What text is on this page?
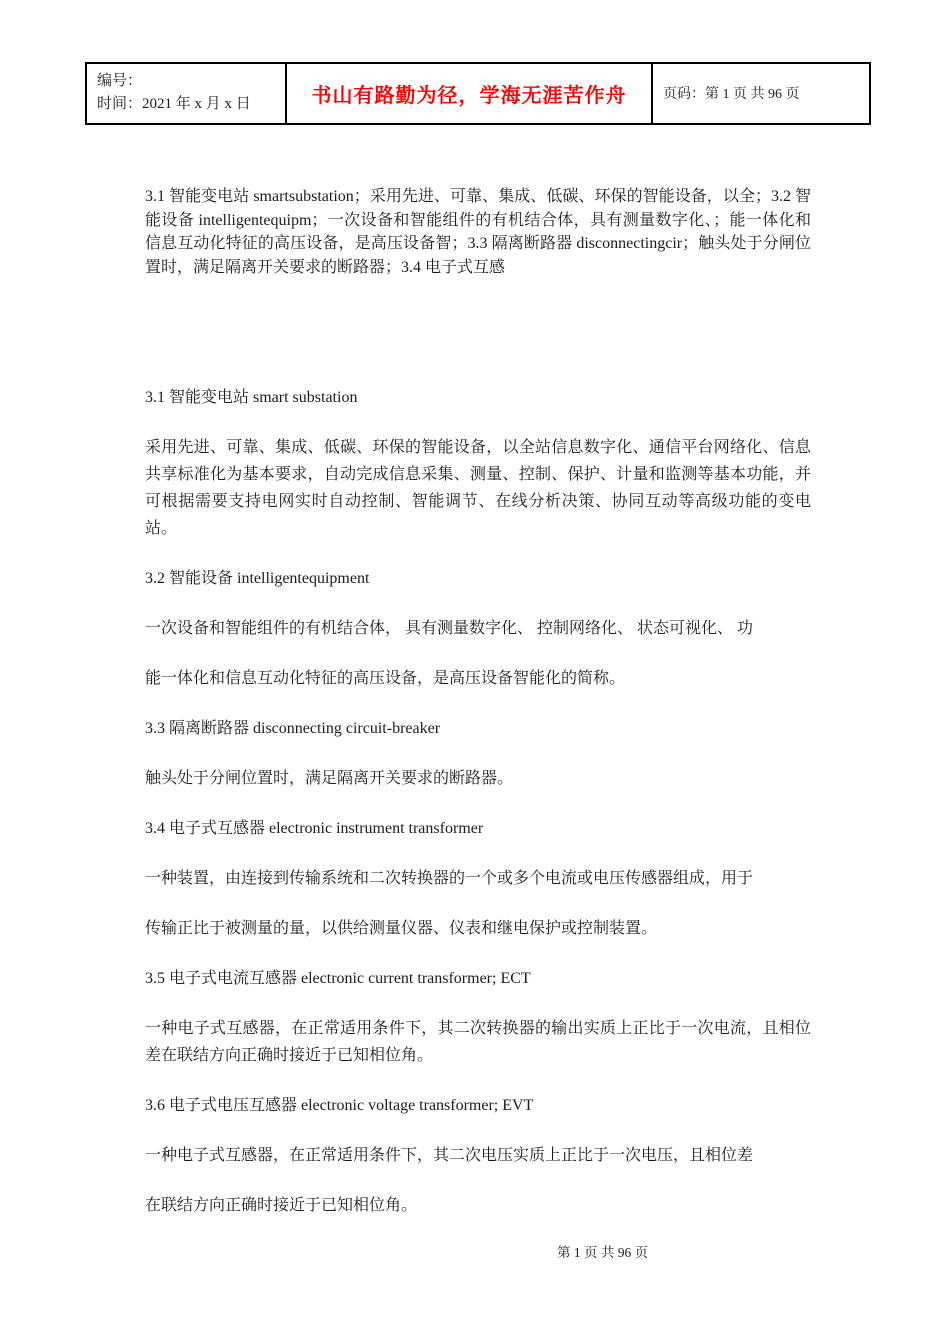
编号：
时间：2021 年 x 月 x 日	书山有路勤为径，学海无涯苦作舟	页码：第 1 页 共 96 页

3.1 智能变电站 smartsubstation；采用先进、可靠、集成、低碳、环保的智能设备，以全；3.2 智能设备 intelligentequipm；一次设备和智能组件的有机结合体，具有测量数字化、；能一体化和信息互动化特征的高压设备，是高压设备智；3.3 隔离断路器 disconnectingcir；触头处于分闸位置时，满足隔离开关要求的断路器；3.4 电子式互感

3.1 智能变电站 smart substation

采用先进、可靠、集成、低碳、环保的智能设备，以全站信息数字化、通信平台网络化、信息共享标准化为基本要求，自动完成信息采集、测量、控制、保护、计量和监测等基本功能，并可根据需要支持电网实时自动控制、智能调节、在线分析决策、协同互动等高级功能的变电站。

3.2 智能设备 intelligentequipment

一次设备和智能组件的有机结合体， 具有测量数字化、 控制网络化、 状态可视化、 功

能一体化和信息互动化特征的高压设备，是高压设备智能化的简称。

3.3 隔离断路器 disconnecting circuit-breaker

触头处于分闸位置时，满足隔离开关要求的断路器。

3.4 电子式互感器 electronic instrument transformer

一种装置，由连接到传输系统和二次转换器的一个或多个电流或电压传感器组成，用于

传输正比于被测量的量，以供给测量仪器、仪表和继电保护或控制装置。

3.5 电子式电流互感器 electronic current transformer; ECT

一种电子式互感器，在正常适用条件下，其二次转换器的输出实质上正比于一次电流，且相位差在联结方向正确时接近于已知相位角。

3.6 电子式电压互感器 electronic voltage transformer; EVT

一种电子式互感器，在正常适用条件下，其二次电压实质上正比于一次电压，且相位差

在联结方向正确时接近于已知相位角。

第 1 页 共 96 页
